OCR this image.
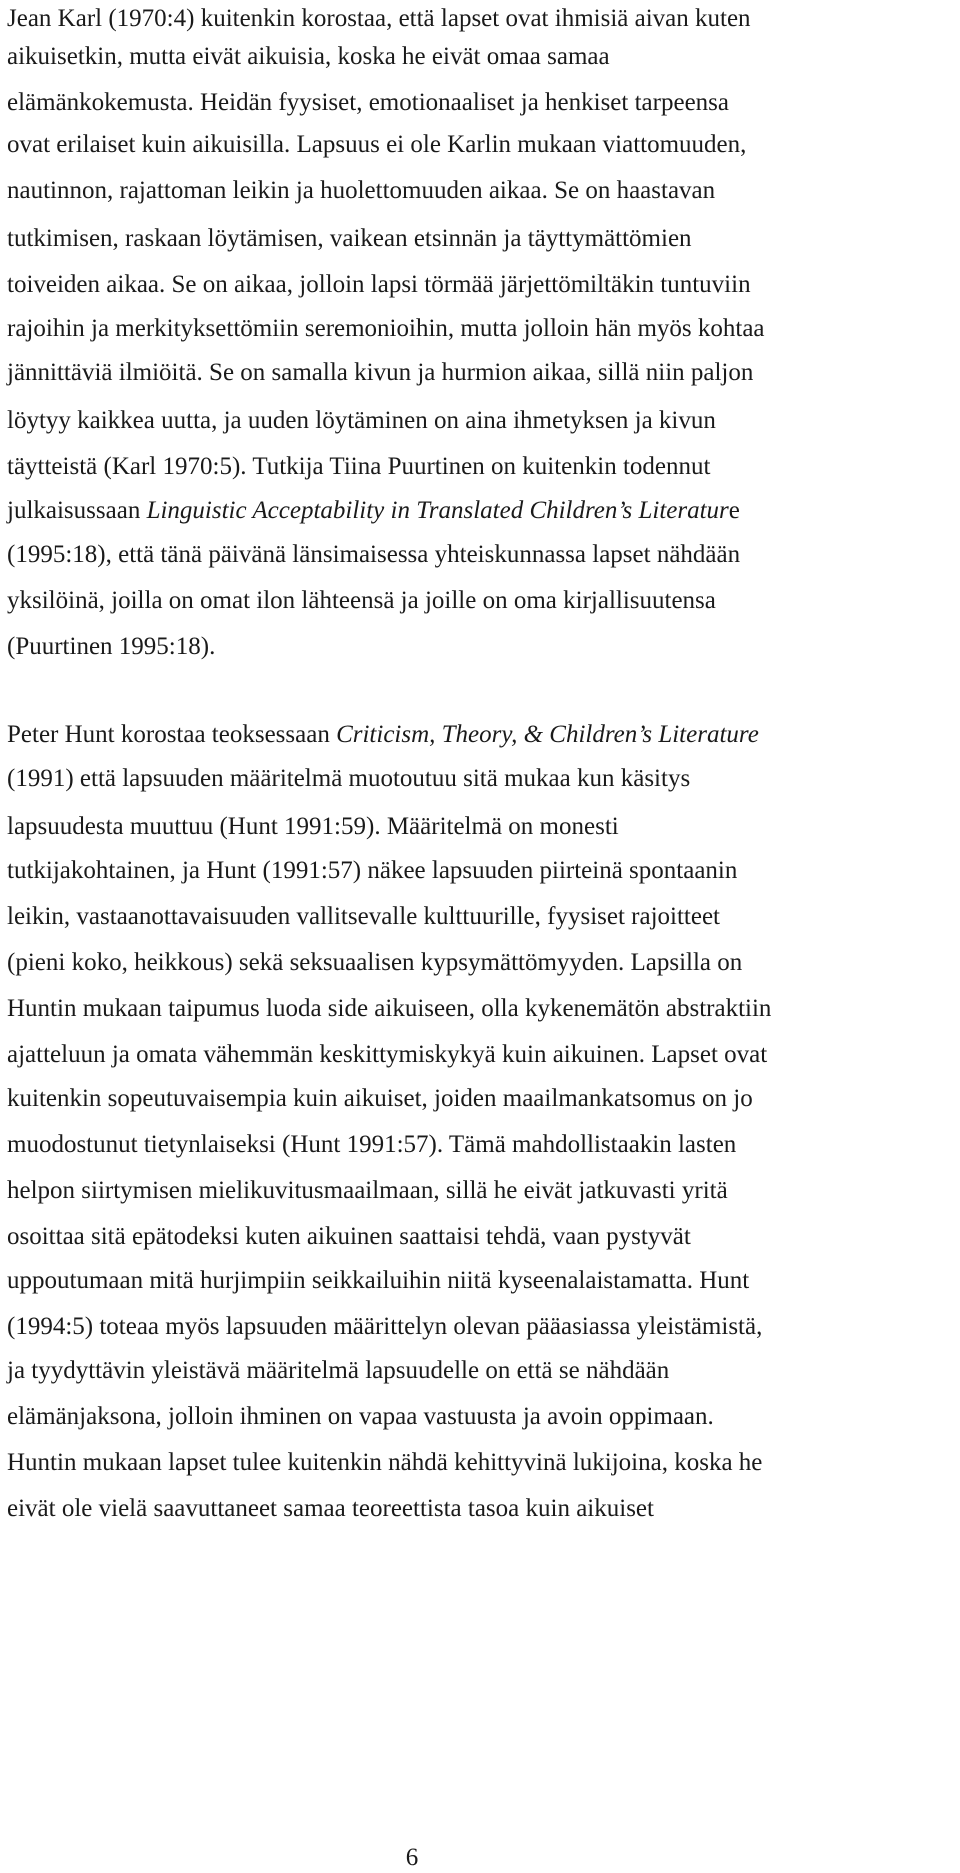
Jean Karl (1970:4) kuitenkin korostaa, että lapset ovat ihmisiä aivan kuten
aikuisetkin, mutta eivät aikuisia, koska he eivät omaa samaa
elämänkokemusta. Heidän fyysiset, emotionaaliset ja henkiset tarpeensa
ovat erilaiset kuin aikuisilla. Lapsuus ei ole Karlin mukaan viattomuuden,
nautinnon, rajattoman leikin ja huolettomuuden aikaa. Se on haastavan
tutkimisen, raskaan löytämisen, vaikean etsinnän ja täyttymättömien
toiveiden aikaa. Se on aikaa, jolloin lapsi törmää järjettömiltäkin tuntuviin
rajoihin ja merkityksettömiin seremonioihin, mutta jolloin hän myös kohtaa
jännittäviä ilmiöitä. Se on samalla kivun ja hurmion aikaa, sillä niin paljon
löytyy kaikkea uutta, ja uuden löytäminen on aina ihmetyksen ja kivun
täytteistä (Karl 1970:5). Tutkija Tiina Puurtinen on kuitenkin todennut
julkaisussaan Linguistic Acceptability in Translated Children’s Literature
(1995:18), että tänä päivänä länsimaisessa yhteiskunnassa lapset nähdään
yksilöinä, joilla on omat ilon lähteensä ja joille on oma kirjallisuutensa
(Puurtinen 1995:18).
Peter Hunt korostaa teoksessaan Criticism, Theory, & Children’s Literature
(1991) että lapsuuden määritelmä muotoutuu sitä mukaa kun käsitys
lapsuudesta muuttuu (Hunt 1991:59). Määritelmä on monesti
tutkijakohtainen, ja Hunt (1991:57) näkee lapsuuden piirteinä spontaanin
leikin, vastaanottavaisuuden vallitsevalle kulttuurille, fyysiset rajoitteet
(pieni koko, heikkous) sekä seksuaalisen kypsymättömyyden. Lapsilla on
Huntin mukaan taipumus luoda side aikuiseen, olla kykenemätön abstraktiin
ajatteluun ja omata vähemmän keskittymiskykyä kuin aikuinen. Lapset ovat
kuitenkin sopeutuvaisempia kuin aikuiset, joiden maailmankatsomus on jo
muodostunut tietynlaiseksi (Hunt 1991:57). Tämä mahdollistaakin lasten
helpon siirtymisen mielikuvitusmaailmaan, sillä he eivät jatkuvasti yritä
osoittaa sitä epätodeksi kuten aikuinen saattaisi tehdä, vaan pystyvät
uppoutumaan mitä hurjimpiin seikkailuihin niitä kyseenalaistamatta. Hunt
(1994:5) toteaa myös lapsuuden määrittelyn olevan pääasiassa yleistämistä,
ja tyydyttävin yleistävä määritelmä lapsuudelle on että se nähdään
elämänjaksona, jolloin ihminen on vapaa vastuusta ja avoin oppimaan.
Huntin mukaan lapset tulee kuitenkin nähdä kehittyvinä lukijoina, koska he
eivät ole vielä saavuttaneet samaa teoreettista tasoa kuin aikuiset
6
